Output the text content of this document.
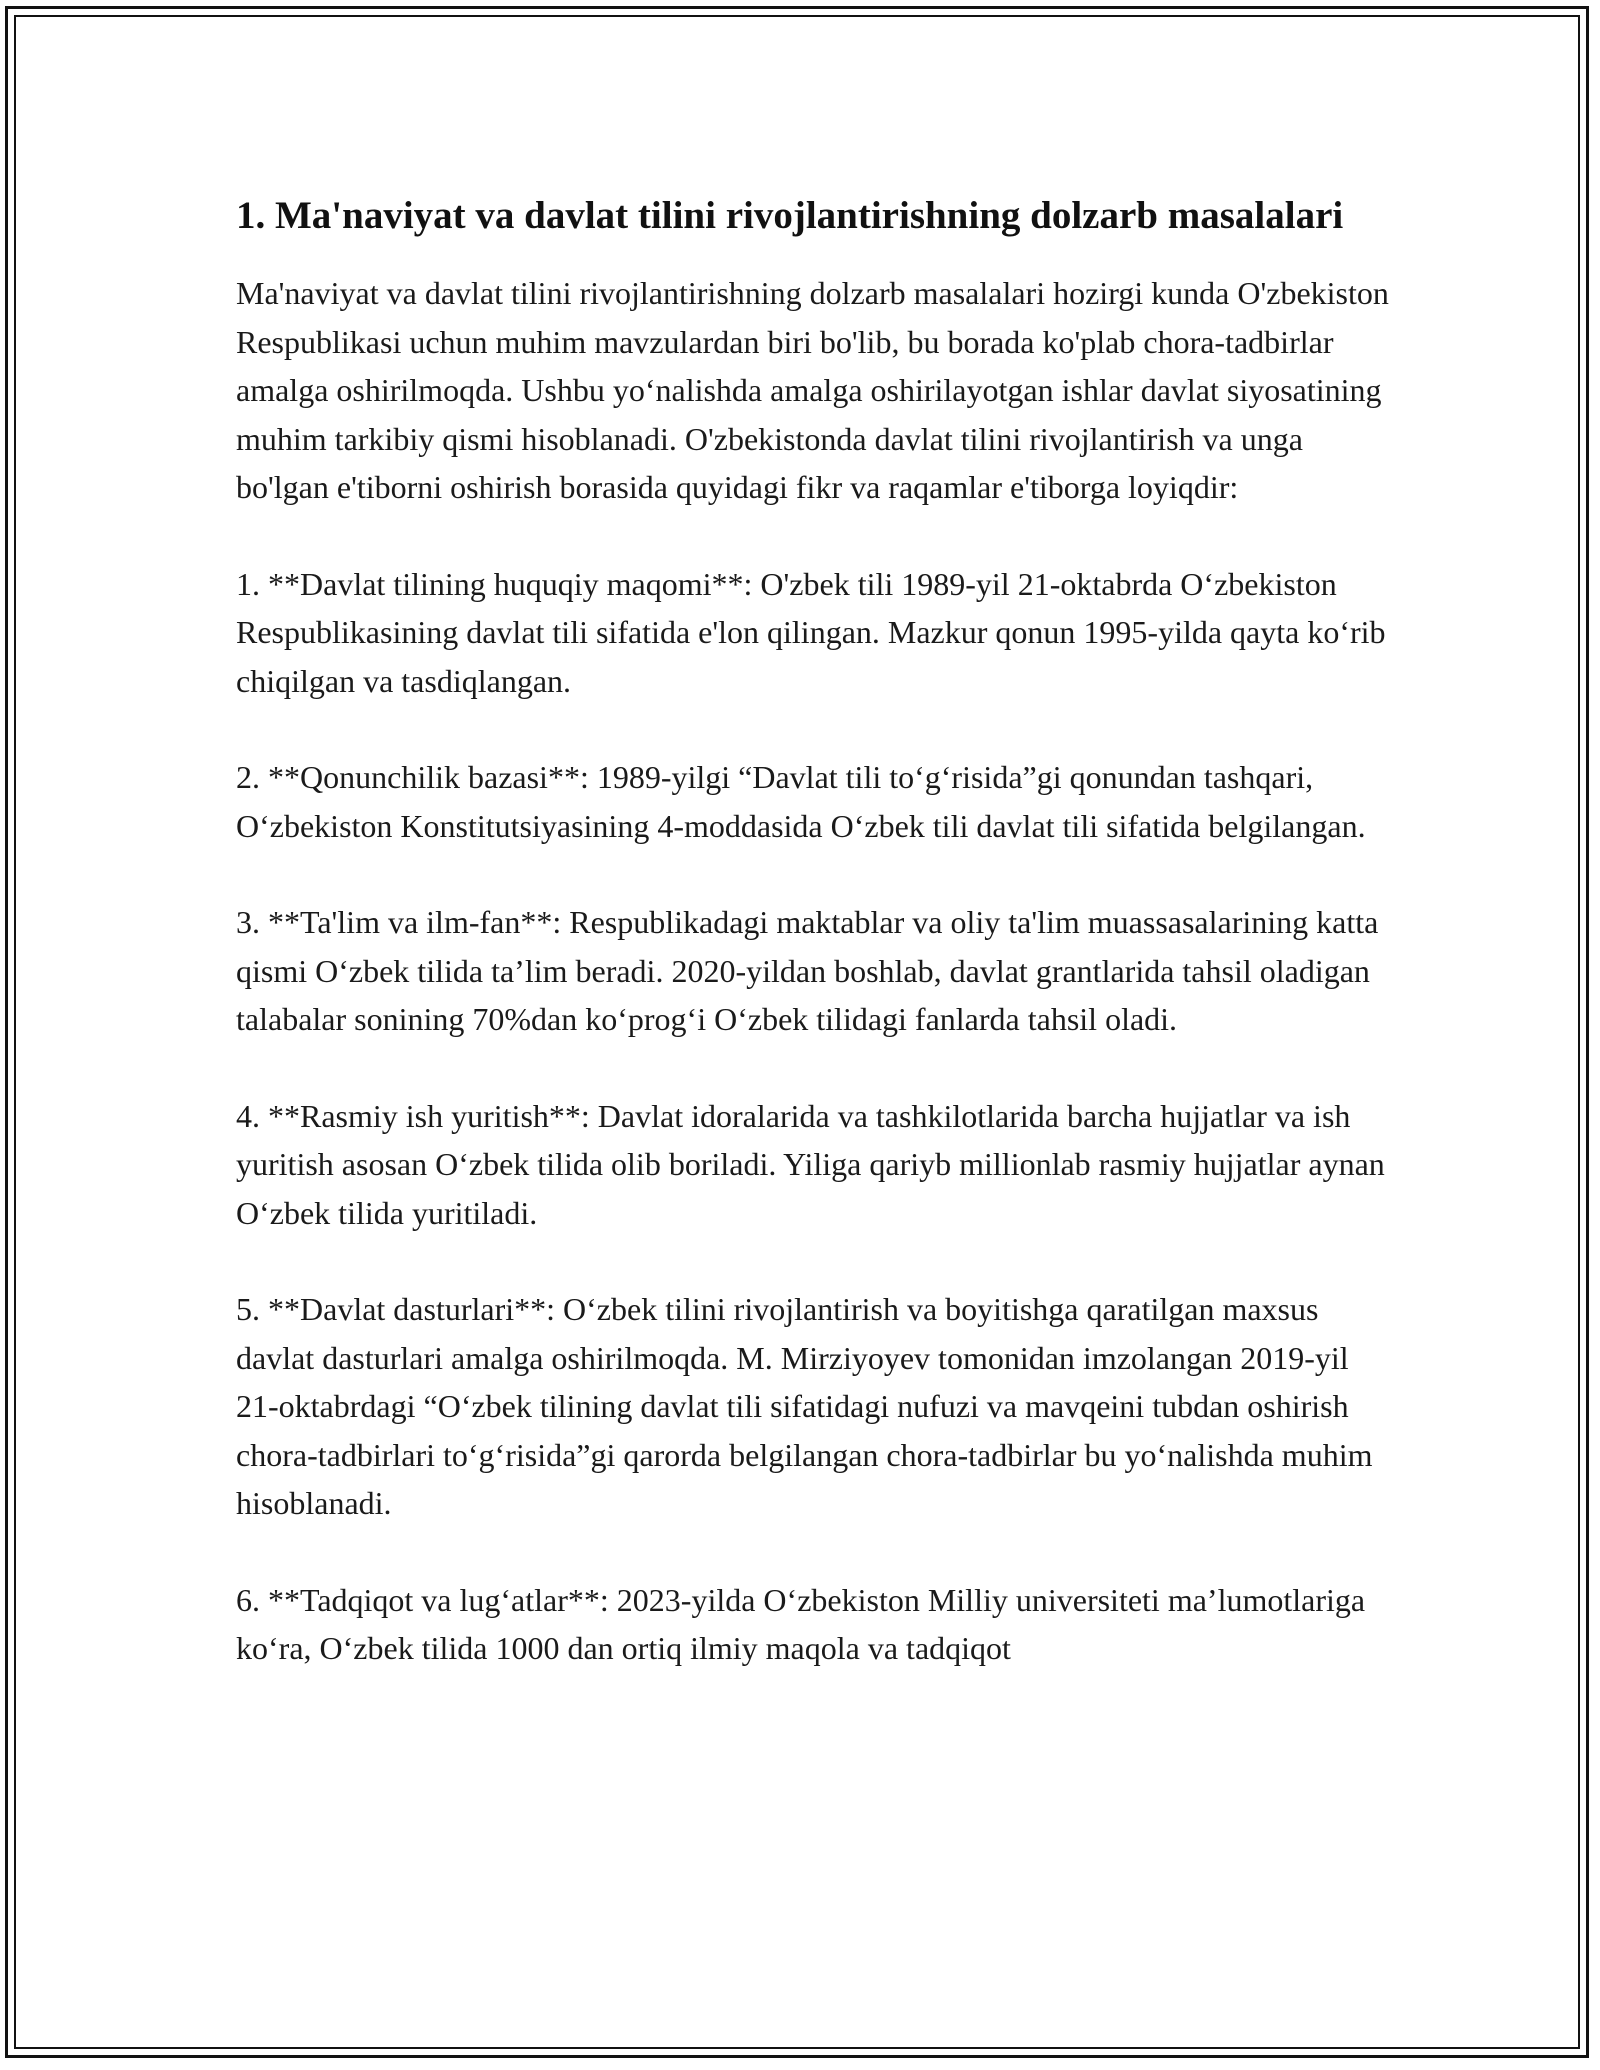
1. Ma'naviyat va davlat tilini rivojlantirishning dolzarb masalalari

Ma'naviyat va davlat tilini rivojlantirishning dolzarb masalalari hozirgi kunda O'zbekiston Respublikasi uchun muhim mavzulardan biri bo'lib, bu borada ko'plab chora-tadbirlar amalga oshirilmoqda. Ushbu yoʻnalishda amalga oshirilayotgan ishlar davlat siyosatining muhim tarkibiy qismi hisoblanadi. O'zbekistonda davlat tilini rivojlantirish va unga bo'lgan e'tiborni oshirish borasida quyidagi fikr va raqamlar e'tiborga loyiqdir:

1. **Davlat tilining huquqiy maqomi**: O'zbek tili 1989-yil 21-oktabrda Oʻzbekiston Respublikasining davlat tili sifatida e'lon qilingan. Mazkur qonun 1995-yilda qayta koʻrib chiqilgan va tasdiqlangan.

2. **Qonunchilik bazasi**: 1989-yilgi “Davlat tili toʻgʻrisida”gi qonundan tashqari, Oʻzbekiston Konstitutsiyasining 4-moddasida Oʻzbek tili davlat tili sifatida belgilangan.

3. **Ta'lim va ilm-fan**: Respublikadagi maktablar va oliy ta'lim muassasalarining katta qismi Oʻzbek tilida ta’lim beradi. 2020-yildan boshlab, davlat grantlarida tahsil oladigan talabalar sonining 70%dan koʻprogʻi Oʻzbek tilidagi fanlarda tahsil oladi.

4. **Rasmiy ish yuritish**: Davlat idoralarida va tashkilotlarida barcha hujjatlar va ish yuritish asosan Oʻzbek tilida olib boriladi. Yiliga qariyb millionlab rasmiy hujjatlar aynan Oʻzbek tilida yuritiladi.

5. **Davlat dasturlari**: Oʻzbek tilini rivojlantirish va boyitishga qaratilgan maxsus davlat dasturlari amalga oshirilmoqda. M. Mirziyoyev tomonidan imzolangan 2019-yil 21-oktabrdagi “Oʻzbek tilining davlat tili sifatidagi nufuzi va mavqeini tubdan oshirish chora-tadbirlari toʻgʻrisida”gi qarorda belgilangan chora-tadbirlar bu yoʻnalishda muhim hisoblanadi.

6. **Tadqiqot va lugʻatlar**: 2023-yilda Oʻzbekiston Milliy universiteti ma’lumotlariga koʻra, Oʻzbek tilida 1000 dan ortiq ilmiy maqola va tadqiqot
